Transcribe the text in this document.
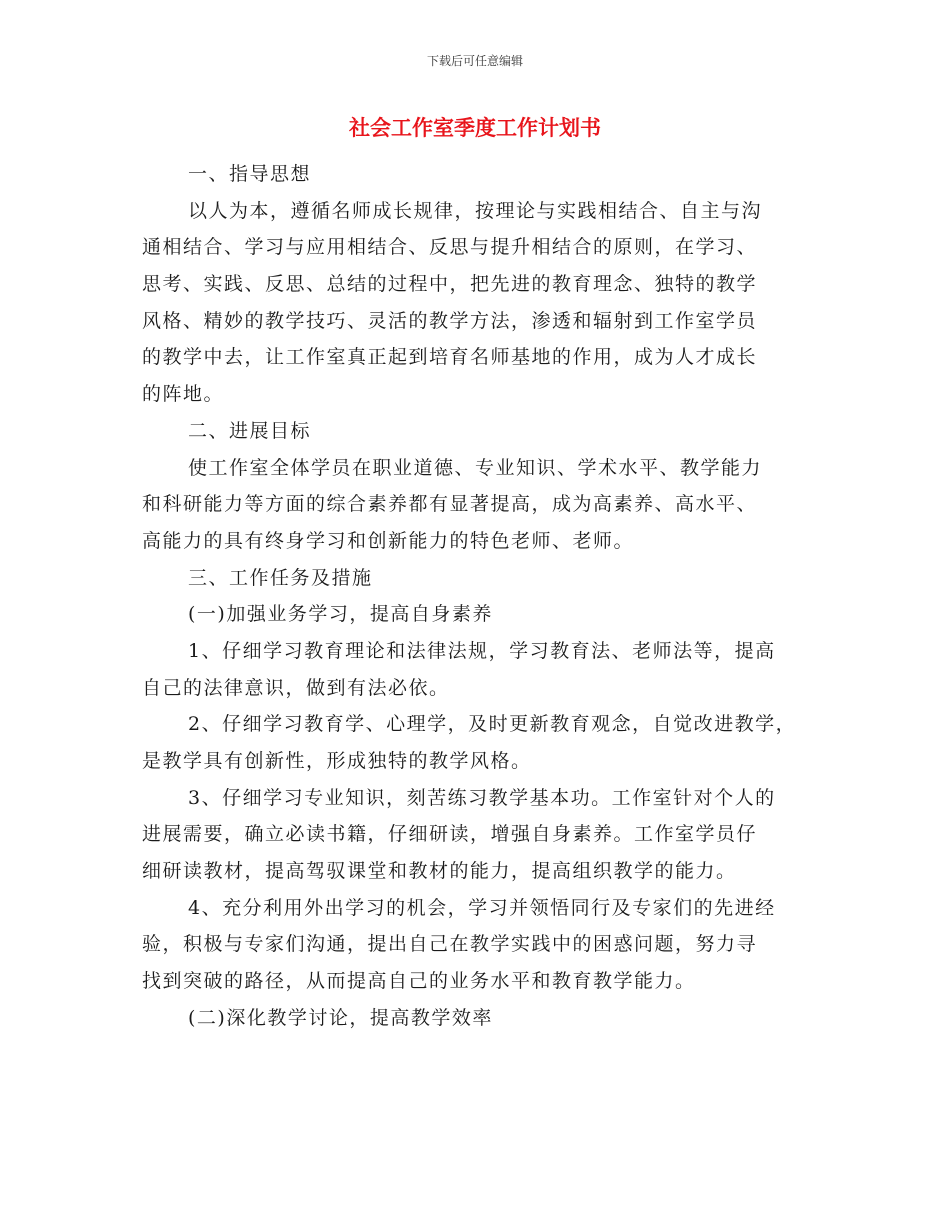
下载后可任意编辑
社会工作室季度工作计划书
一、指导思想
以人为本，遵循名师成长规律，按理论与实践相结合、自主与沟
通相结合、学习与应用相结合、反思与提升相结合的原则，在学习、
思考、实践、反思、总结的过程中，把先进的教育理念、独特的教学
风格、精妙的教学技巧、灵活的教学方法，渗透和辐射到工作室学员
的教学中去，让工作室真正起到培育名师基地的作用，成为人才成长
的阵地。
二、进展目标
使工作室全体学员在职业道德、专业知识、学术水平、教学能力
和科研能力等方面的综合素养都有显著提高，成为高素养、高水平、
高能力的具有终身学习和创新能力的特色老师、老师。
三、工作任务及措施
(一)加强业务学习，提高自身素养
1、仔细学习教育理论和法律法规，学习教育法、老师法等，提高
自己的法律意识，做到有法必依。
2、仔细学习教育学、心理学，及时更新教育观念，自觉改进教学，
是教学具有创新性，形成独特的教学风格。
3、仔细学习专业知识，刻苦练习教学基本功。工作室针对个人的
进展需要，确立必读书籍，仔细研读，增强自身素养。工作室学员仔
细研读教材，提高驾驭课堂和教材的能力，提高组织教学的能力。
4、充分利用外出学习的机会，学习并领悟同行及专家们的先进经
验，积极与专家们沟通，提出自己在教学实践中的困惑问题，努力寻
找到突破的路径，从而提高自己的业务水平和教育教学能力。
(二)深化教学讨论，提高教学效率
